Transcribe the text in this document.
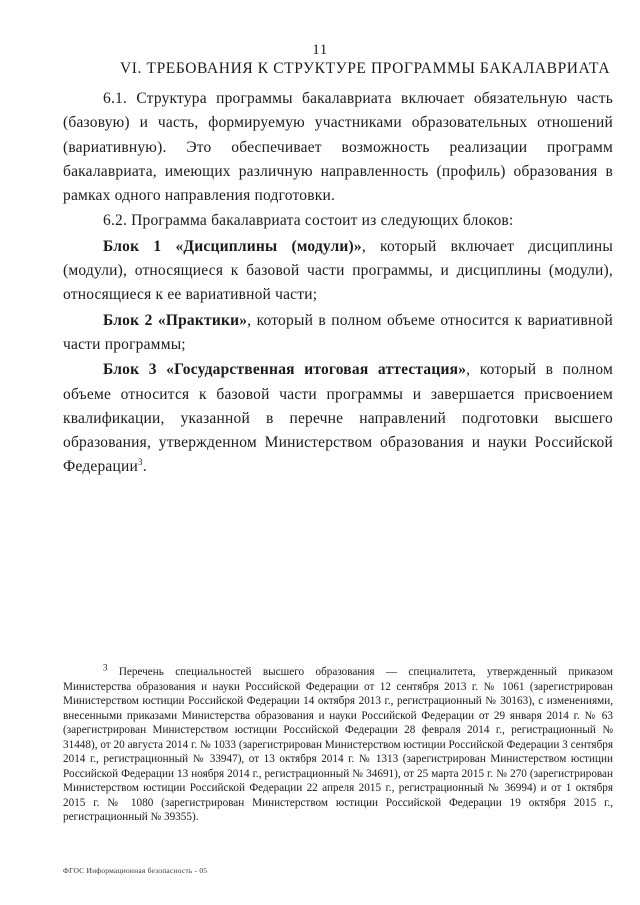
11
VI. ТРЕБОВАНИЯ К СТРУКТУРЕ ПРОГРАММЫ БАКАЛАВРИАТА

6.1. Структура программы бакалавриата включает обязательную часть (базовую) и часть, формируемую участниками образовательных отношений (вариативную). Это обеспечивает возможность реализации программ бакалавриата, имеющих различную направленность (профиль) образования в рамках одного направления подготовки.

6.2. Программа бакалавриата состоит из следующих блоков:

Блок 1 «Дисциплины (модули)», который включает дисциплины (модули), относящиеся к базовой части программы, и дисциплины (модули), относящиеся к ее вариативной части;

Блок 2 «Практики», который в полном объеме относится к вариативной части программы;

Блок 3 «Государственная итоговая аттестация», который в полном объеме относится к базовой части программы и завершается присвоением квалификации, указанной в перечне направлений подготовки высшего образования, утвержденном Министерством образования и науки Российской Федерации$^3$.

$^3$ Перечень специальностей высшего образования — специалитета, утвержденный приказом Министерства образования и науки Российской Федерации от 12 сентября 2013 г. № 1061 (зарегистрирован Министерством юстиции Российской Федерации 14 октября 2013 г., регистрационный № 30163), с изменениями, внесенными приказами Министерства образования и науки Российской Федерации от 29 января 2014 г. № 63 (зарегистрирован Министерством юстиции Российской Федерации 28 февраля 2014 г., регистрационный № 31448), от 20 августа 2014 г. № 1033 (зарегистрирован Министерством юстиции Российской Федерации 3 сентября 2014 г., регистрационный № 33947), от 13 октября 2014 г. № 1313 (зарегистрирован Министерством юстиции Российской Федерации 13 ноября 2014 г., регистрационный № 34691), от 25 марта 2015 г. № 270 (зарегистрирован Министерством юстиции Российской Федерации 22 апреля 2015 г., регистрационный № 36994) и от 1 октября 2015 г. № 1080 (зарегистрирован Министерством юстиции Российской Федерации 19 октября 2015 г., регистрационный № 39355).

ФГОС Информационная безопасность - 05
